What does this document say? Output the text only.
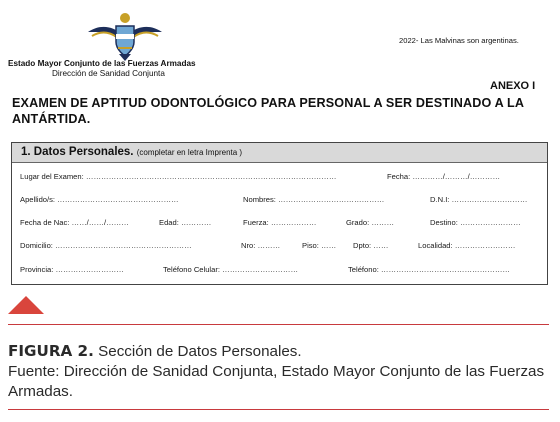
Estado Mayor Conjunto de las Fuerzas Armadas
Dirección de Sanidad Conjunta
2022- Las Malvinas son argentinas.
ANEXO I
EXAMEN DE APTITUD ODONTOLÓGICO PARA PERSONAL A SER DESTINADO A LA ANTÁRTIDA.
1. Datos Personales. (completar en letra Imprenta )
Lugar del Examen: ………………………………………………………………………………………	Fecha: …………/………/…………
Apellido/s: …………………………………………	Nombres: ……………………………………	D.N.I: …………………………
Fecha de Nac: ……/……/………	Edad: …………	Fuerza: ………………	Grado: ………	Destino: ……………………
Domicilio: ………………………………………………	Nro: ………	Piso: …… Dpto: ……	Localidad: ……………………
Provincia: ………………………	Teléfono Celular: …………………………	Teléfono: ……………………………………………
FIGURA 2. Sección de Datos Personales.
Fuente: Dirección de Sanidad Conjunta, Estado Mayor Conjunto de las Fuerzas Armadas.
